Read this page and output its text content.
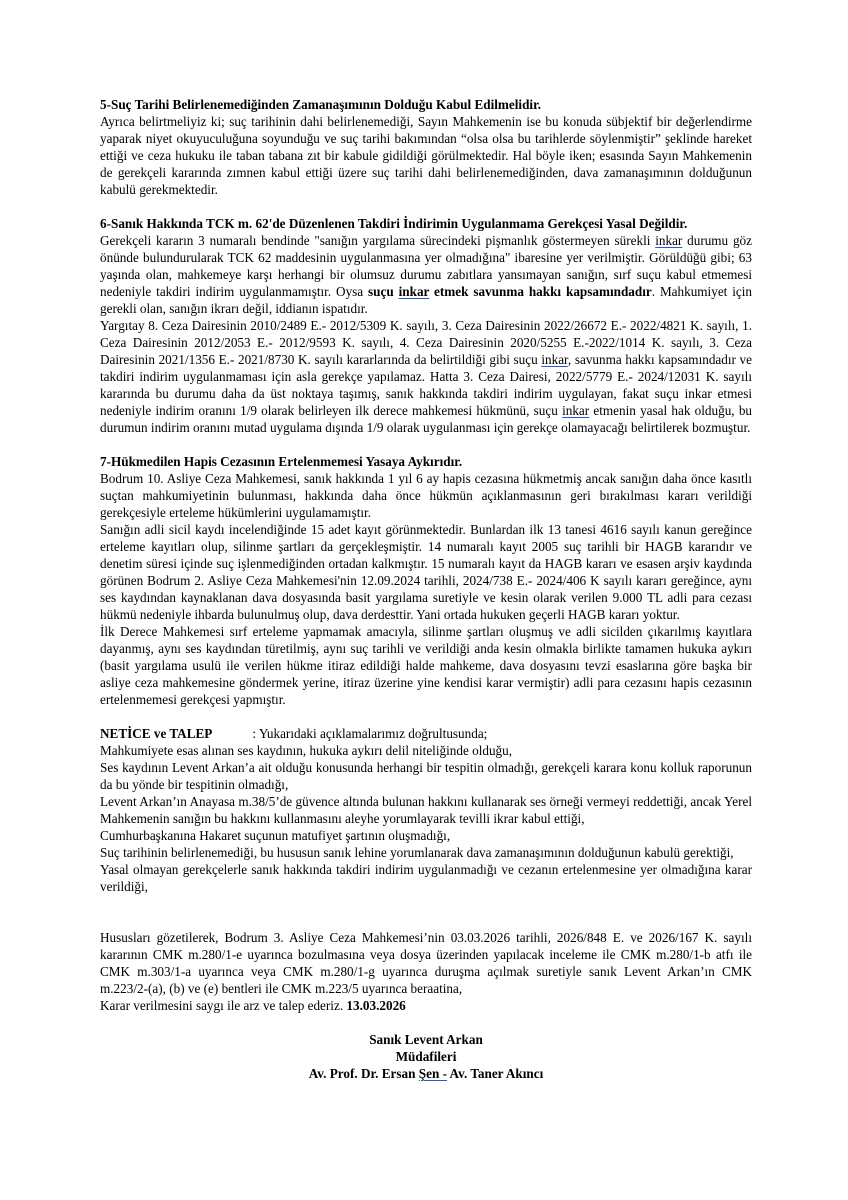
5-Suç Tarihi Belirlenemediğinden Zamanaşımının Dolduğu Kabul Edilmelidir.

Ayrıca belirtmeliyiz ki; suç tarihinin dahi belirlenemediği, Sayın Mahkemenin ise bu konuda sübjektif bir değerlendirme yaparak niyet okuyuculuğuna soyunduğu ve suç tarihi bakımından “olsa olsa bu tarihlerde söylenmiştir” şeklinde hareket ettiği ve ceza hukuku ile taban tabana zıt bir kabule gidildiği görülmektedir. Hal böyle iken; esasında Sayın Mahkemenin de gerekçeli kararında zımnen kabul ettiği üzere suç tarihi dahi belirlenemediğinden, dava zamanaşımının dolduğunun kabulü gerekmektedir.

6-Sanık Hakkında TCK m. 62'de Düzenlenen Takdiri İndirimin Uygulanmama Gerekçesi Yasal Değildir.

Gerekçeli kararın 3 numaralı bendinde "sanığın yargılama sürecindeki pişmanlık göstermeyen sürekli inkar durumu göz önünde bulundurularak TCK 62 maddesinin uygulanmasına yer olmadığına" ibaresine yer verilmiştir. Görüldüğü gibi; 63 yaşında olan, mahkemeye karşı herhangi bir olumsuz durumu zabıtlara yansımayan sanığın, sırf suçu kabul etmemesi nedeniyle takdiri indirim uygulanmamıştır. Oysa suçu inkar etmek savunma hakkı kapsamındadır. Mahkumiyet için gerekli olan, sanığın ikrarı değil, iddianın ispatıdır.

Yargıtay 8. Ceza Dairesinin 2010/2489 E.- 2012/5309 K. sayılı, 3. Ceza Dairesinin 2022/26672 E.- 2022/4821 K. sayılı, 1. Ceza Dairesinin 2012/2053 E.- 2012/9593 K. sayılı, 4. Ceza Dairesinin 2020/5255 E.-2022/1014 K. sayılı, 3. Ceza Dairesinin 2021/1356 E.- 2021/8730 K. sayılı kararlarında da belirtildiği gibi suçu inkar, savunma hakkı kapsamındadır ve takdiri indirim uygulanmaması için asla gerekçe yapılamaz. Hatta 3. Ceza Dairesi, 2022/5779 E.- 2024/12031 K. sayılı kararında bu durumu daha da üst noktaya taşımış, sanık hakkında takdiri indirim uygulayan, fakat suçu inkar etmesi nedeniyle indirim oranını 1/9 olarak belirleyen ilk derece mahkemesi hükmünü, suçu inkar etmenin yasal hak olduğu, bu durumun indirim oranını mutad uygulama dışında 1/9 olarak uygulanması için gerekçe olamayacağı belirtilerek bozmuştur.

7-Hükmedilen Hapis Cezasının Ertelenmemesi Yasaya Aykırıdır.

Bodrum 10. Asliye Ceza Mahkemesi, sanık hakkında 1 yıl 6 ay hapis cezasına hükmetmiş ancak sanığın daha önce kasıtlı suçtan mahkumiyetinin bulunması, hakkında daha önce hükmün açıklanmasının geri bırakılması kararı verildiği gerekçesiyle erteleme hükümlerini uygulamamıştır.

Sanığın adli sicil kaydı incelendiğinde 15 adet kayıt görünmektedir. Bunlardan ilk 13 tanesi 4616 sayılı kanun gereğince erteleme kayıtları olup, silinme şartları da gerçekleşmiştir. 14 numaralı kayıt 2005 suç tarihli bir HAGB kararıdır ve denetim süresi içinde suç işlenmediğinden ortadan kalkmıştır. 15 numaralı kayıt da HAGB kararı ve esasen arşiv kaydında görünen Bodrum 2. Asliye Ceza Mahkemesi'nin 12.09.2024 tarihli, 2024/738 E.- 2024/406 K sayılı kararı gereğince, aynı ses kaydından kaynaklanan dava dosyasında basit yargılama suretiyle ve kesin olarak verilen 9.000 TL adli para cezası hükmü nedeniyle ihbarda bulunulmuş olup, dava derdesttir. Yani ortada hukuken geçerli HAGB kararı yoktur.

İlk Derece Mahkemesi sırf erteleme yapmamak amacıyla, silinme şartları oluşmuş ve adli sicilden çıkarılmış kayıtlara dayanmış, aynı ses kaydından türetilmiş, aynı suç tarihli ve verildiği anda kesin olmakla birlikte tamamen hukuka aykırı (basit yargılama usulü ile verilen hükme itiraz edildiği halde mahkeme, dava dosyasını tevzi esaslarına göre başka bir asliye ceza mahkemesine göndermek yerine, itiraz üzerine yine kendisi karar vermiştir) adli para cezasını hapis cezasının ertelenmemesi gerekçesi yapmıştır.

NETİCE ve TALEP	: Yukarıdaki açıklamalarımız doğrultusunda;

Mahkumiyete esas alınan ses kaydının, hukuka aykırı delil niteliğinde olduğu,

Ses kaydının Levent Arkan’a ait olduğu konusunda herhangi bir tespitin olmadığı, gerekçeli karara konu kolluk raporunun da bu yönde bir tespitinin olmadığı,

Levent Arkan’ın Anayasa m.38/5’de güvence altında bulunan hakkını kullanarak ses örneği vermeyi reddettiği, ancak Yerel Mahkemenin sanığın bu hakkını kullanmasını aleyhe yorumlayarak tevilli ikrar kabul ettiği,

Cumhurbaşkanına Hakaret suçunun matufiyet şartının oluşmadığı,

Suç tarihinin belirlenemediği, bu hususun sanık lehine yorumlanarak dava zamanaşımının dolduğunun kabulü gerektiği,

Yasal olmayan gerekçelerle sanık hakkında takdiri indirim uygulanmadığı ve cezanın ertelenmesine yer olmadığına karar verildiği,

Hususları gözetilerek, Bodrum 3. Asliye Ceza Mahkemesi’nin 03.03.2026 tarihli, 2026/848 E. ve 2026/167 K. sayılı kararının CMK m.280/1-e uyarınca bozulmasına veya dosya üzerinden yapılacak inceleme ile CMK m.280/1-b atfı ile CMK m.303/1-a uyarınca veya CMK m.280/1-g uyarınca duruşma açılmak suretiyle sanık Levent Arkan’ın CMK m.223/2-(a), (b) ve (e) bentleri ile CMK m.223/5 uyarınca beraatina,

Karar verilmesini saygı ile arz ve talep ederiz. 13.03.2026

Sanık Levent Arkan
Müdafileri
Av. Prof. Dr. Ersan Şen - Av. Taner Akıncı
